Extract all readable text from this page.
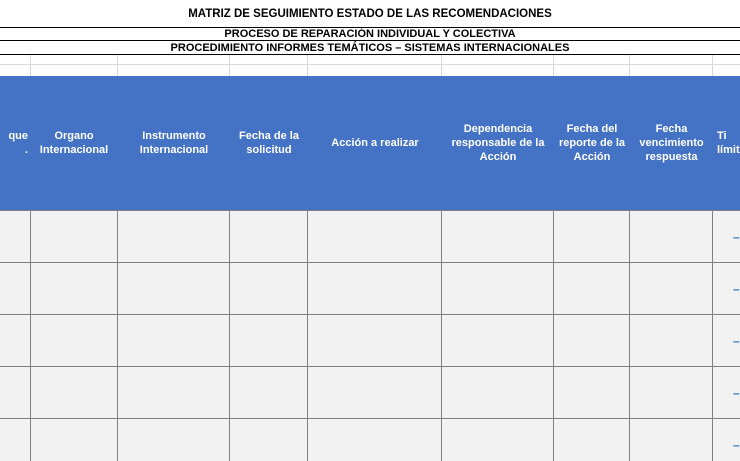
MATRIZ DE SEGUIMIENTO ESTADO DE LAS RECOMENDACIONES
PROCESO DE REPARACIÓN INDIVIDUAL Y COLECTIVA
PROCEDIMIENTO INFORMES TEMÁTICOS – SISTEMAS INTERNACIONALES
Organo
Internacional
Instrumento
Internacional
Fecha de la
solicitud
Acción a realizar
Dependencia
responsable de la
Acción
Fecha del
reporte de la
Acción
Fecha
vencimiento
respuesta
que
.
Ti
límit
–
–
–
–
–
